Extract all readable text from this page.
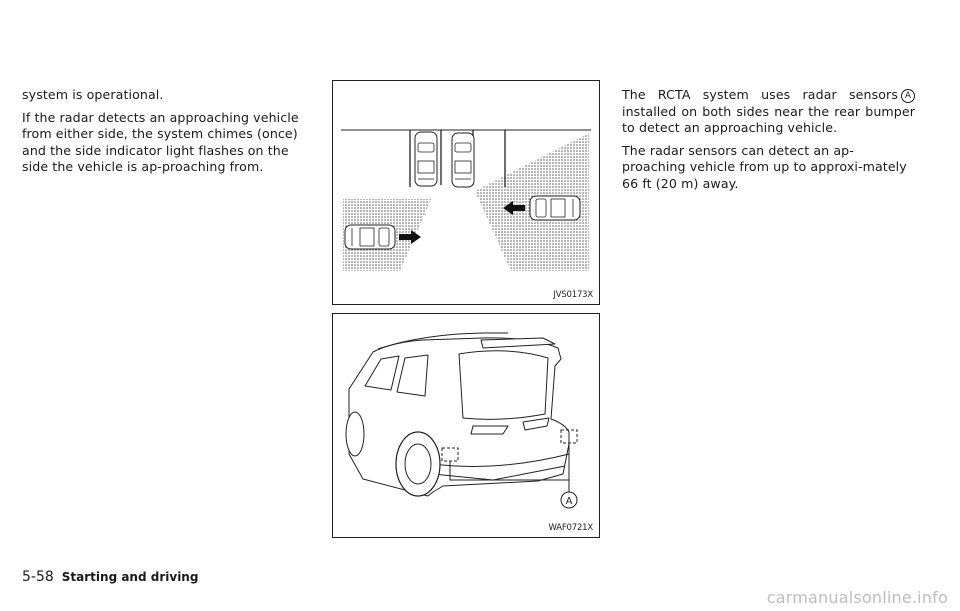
system is operational.

If the radar detects an approaching vehicle from either side, the system chimes (once) and the side indicator light flashes on the side the vehicle is ap-proaching from.

JVS0173X
A
WAF0721X

The RCTA system uses radar sensors A installed on both sides near the rear bumper to detect an approaching vehicle.

The radar sensors can detect an ap-proaching vehicle from up to approxi-mately 66 ft (20 m) away.

5-58 Starting and driving
carmanualsonline.info
